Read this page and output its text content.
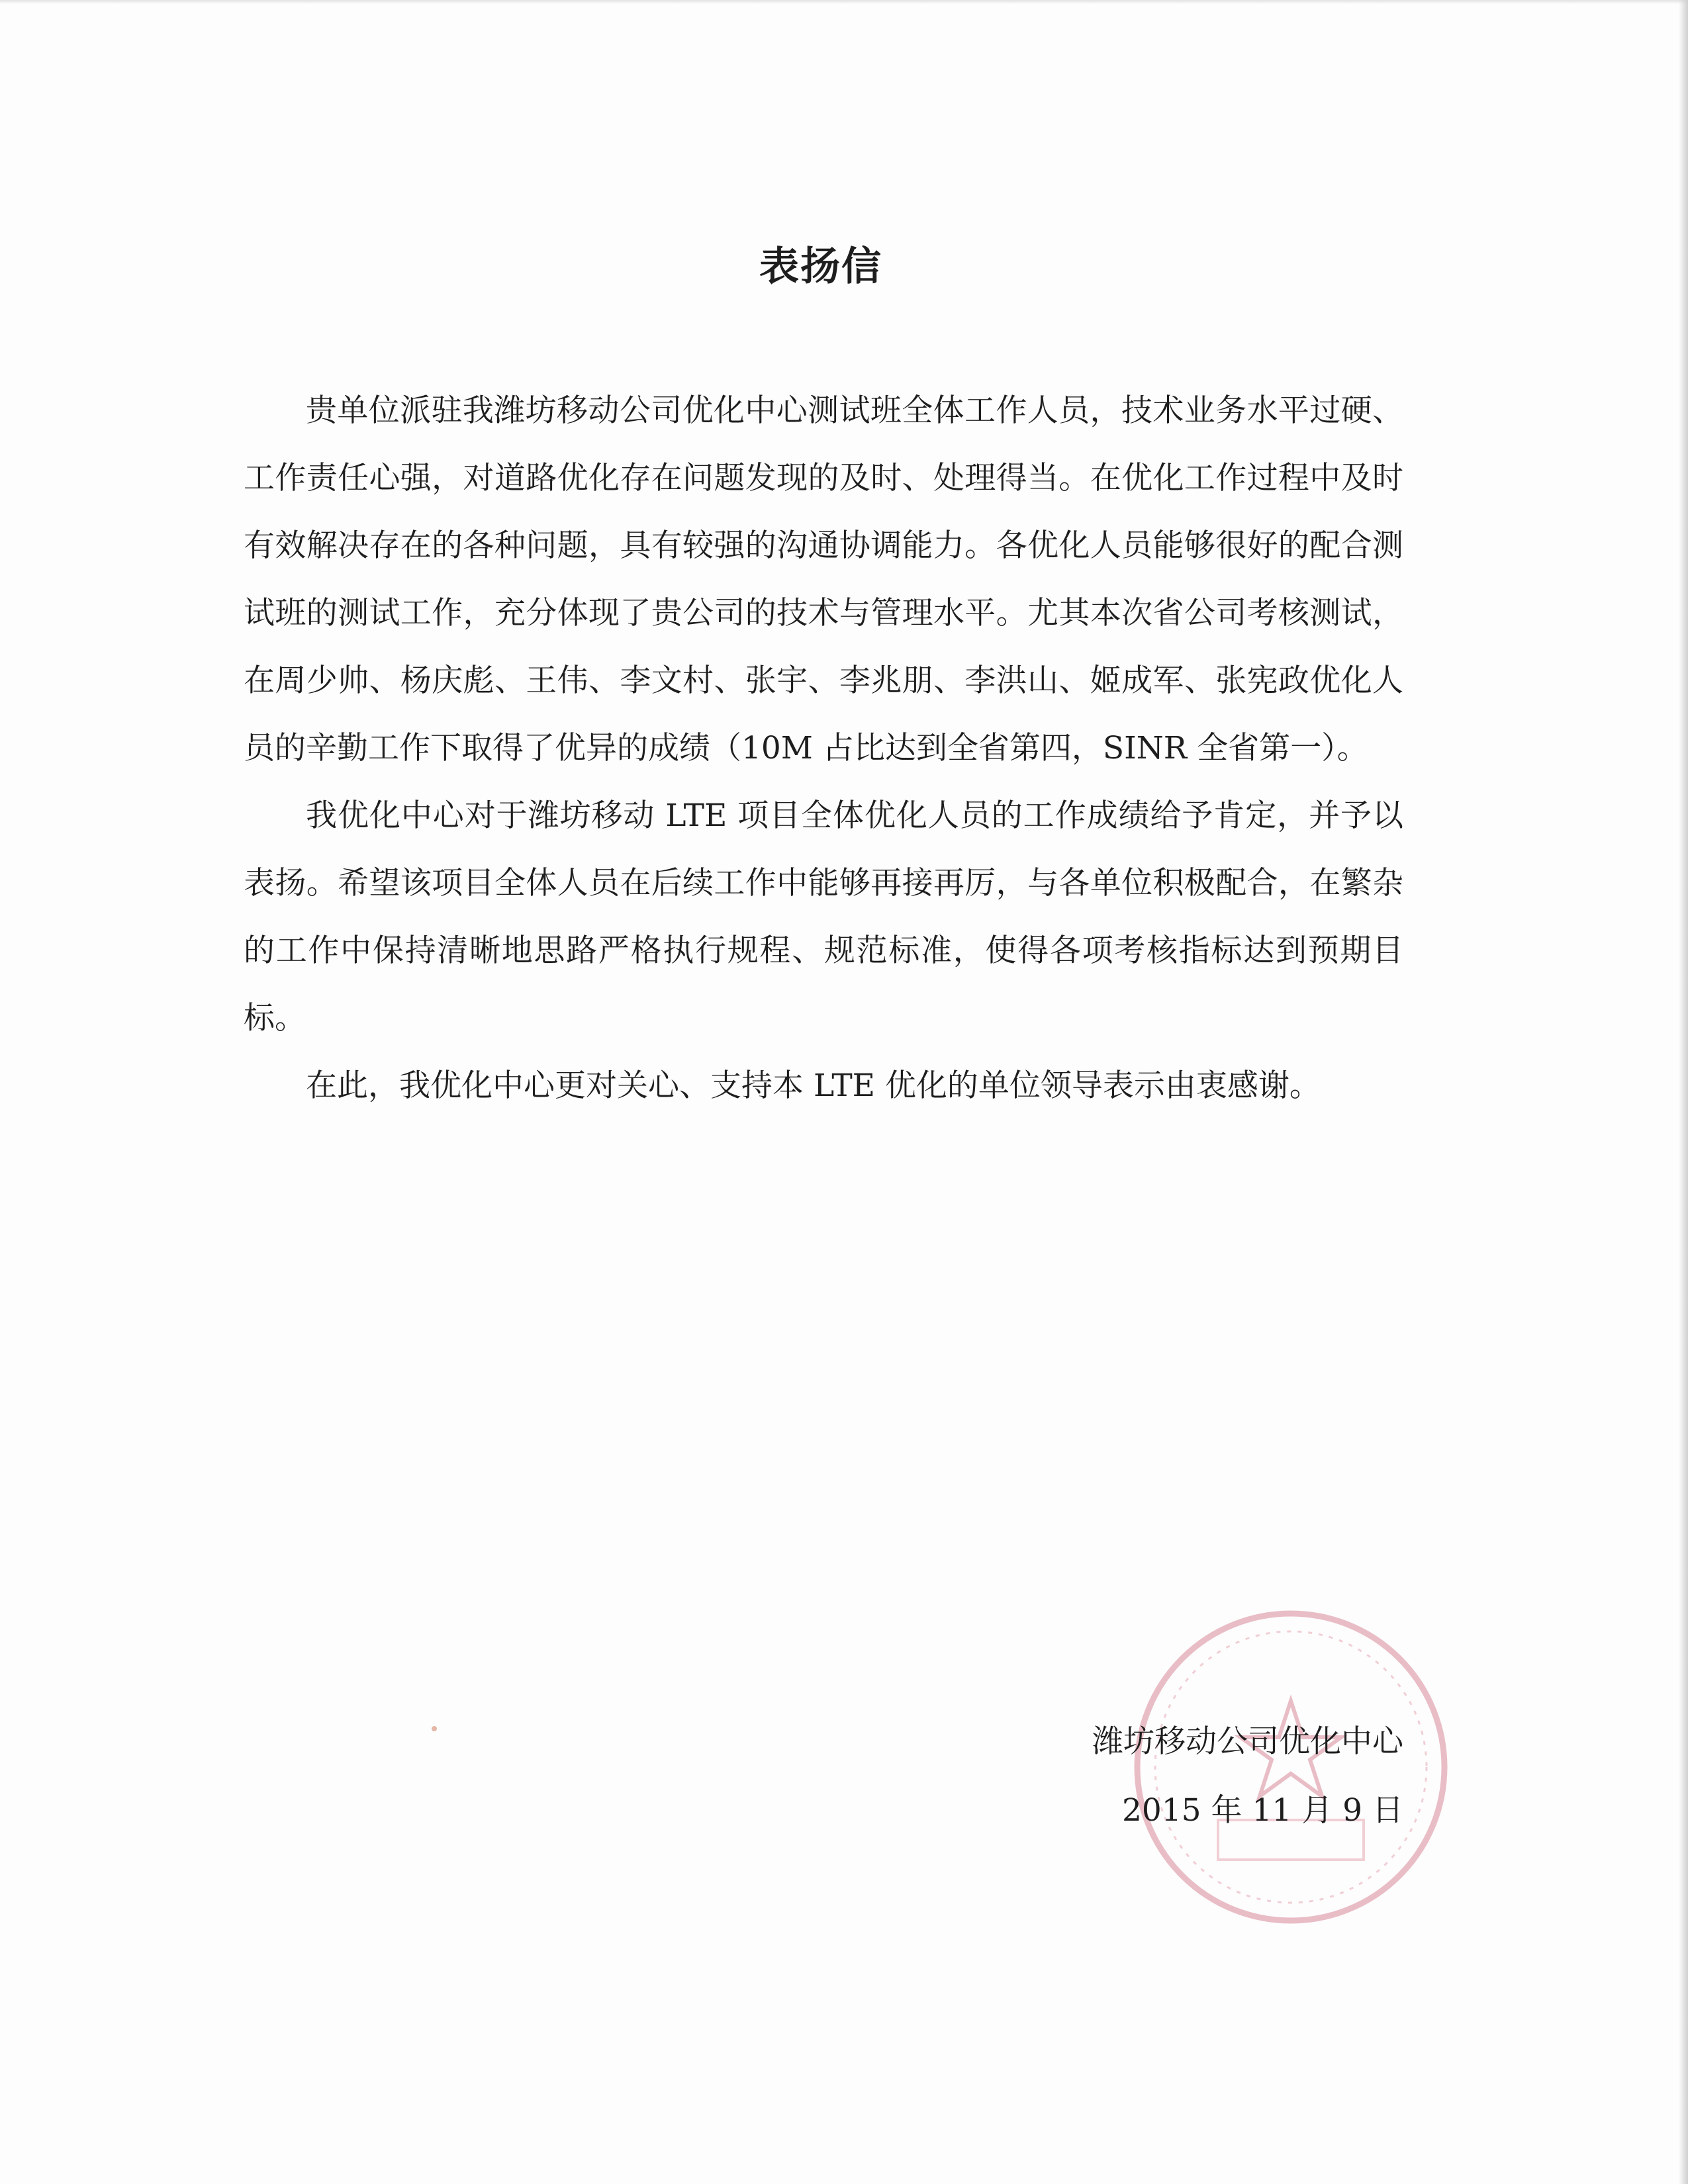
表扬信

贵单位派驻我潍坊移动公司优化中心测试班全体工作人员，技术业务水平过硬、工作责任心强，对道路优化存在问题发现的及时、处理得当。在优化工作过程中及时有效解决存在的各种问题，具有较强的沟通协调能力。各优化人员能够很好的配合测试班的测试工作，充分体现了贵公司的技术与管理水平。尤其本次省公司考核测试，在周少帅、杨庆彪、王伟、李文村、张宇、李兆朋、李洪山、姬成军、张宪政优化人员的辛勤工作下取得了优异的成绩（10M 占比达到全省第四，SINR 全省第一）。

我优化中心对于潍坊移动 LTE 项目全体优化人员的工作成绩给予肯定，并予以表扬。希望该项目全体人员在后续工作中能够再接再厉，与各单位积极配合，在繁杂的工作中保持清晰地思路严格执行规程、规范标准，使得各项考核指标达到预期目标。

在此，我优化中心更对关心、支持本 LTE 优化的单位领导表示由衷感谢。

潍坊移动公司优化中心
2015 年 11 月 9 日
